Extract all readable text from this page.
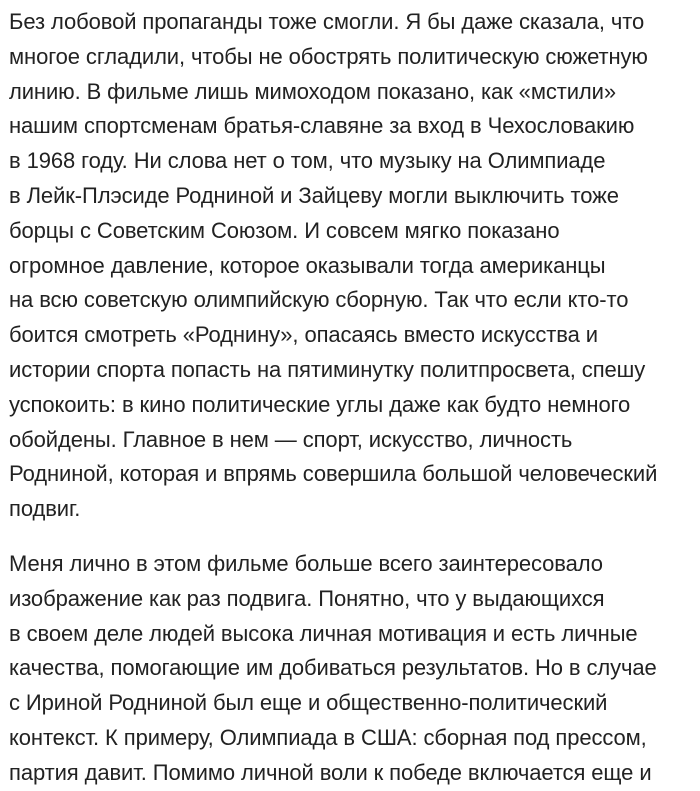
Без лобовой пропаганды тоже смогли. Я бы даже сказала, что
многое сгладили, чтобы не обострять политическую сюжетную
линию. В фильме лишь мимоходом показано, как «мстили»
нашим спортсменам братья-славяне за вход в Чехословакию
в 1968 году. Ни слова нет о том, что музыку на Олимпиаде
в Лейк-Плэсиде Родниной и Зайцеву могли выключить тоже
борцы с Советским Союзом. И совсем мягко показано
огромное давление, которое оказывали тогда американцы
на всю советскую олимпийскую сборную. Так что если кто-то
боится смотреть «Роднину», опасаясь вместо искусства и
истории спорта попасть на пятиминутку политпросвета, спешу
успокоить: в кино политические углы даже как будто немного
обойдены. Главное в нем — спорт, искусство, личность
Родниной, которая и впрямь совершила большой человеческий
подвиг.

Меня лично в этом фильме больше всего заинтересовало
изображение как раз подвига. Понятно, что у выдающихся
в своем деле людей высока личная мотивация и есть личные
качества, помогающие им добиваться результатов. Но в случае
с Ириной Родниной был еще и общественно-политический
контекст. К примеру, Олимпиада в США: сборная под прессом,
партия давит. Помимо личной воли к победе включается еще и
